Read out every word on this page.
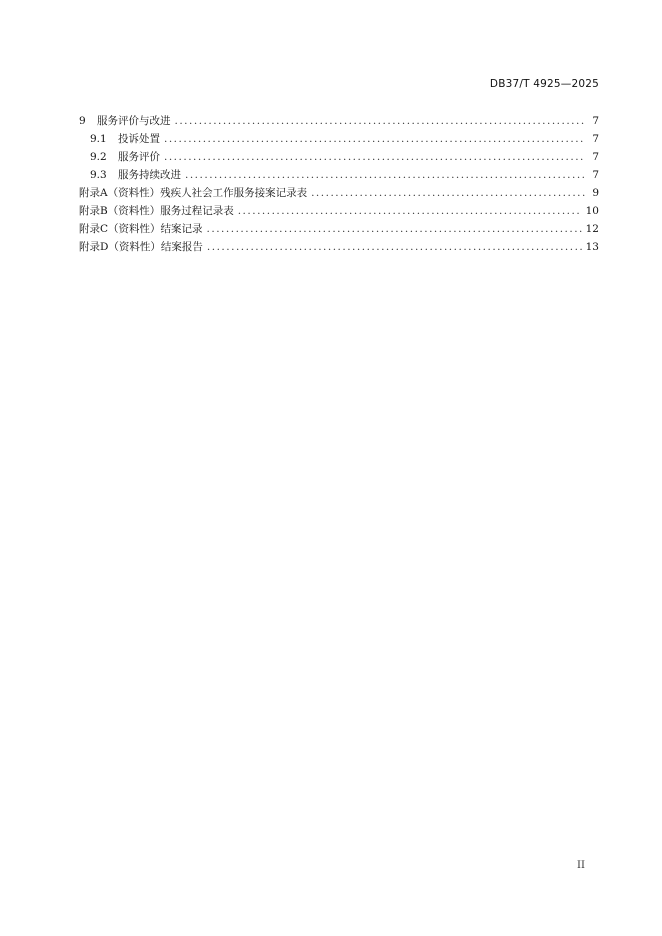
DB37/T 4925—2025
9	服务评价与改进 .....	7
9.1	投诉处置 .....	7
9.2	服务评价 .....	7
9.3	服务持续改进 .....	7
附录A（资料性） 残疾人社会工作服务接案记录表 .....	9
附录B（资料性） 服务过程记录表 .....	10
附录C（资料性） 结案记录 .....	12
附录D（资料性） 结案报告 .....	13
II
